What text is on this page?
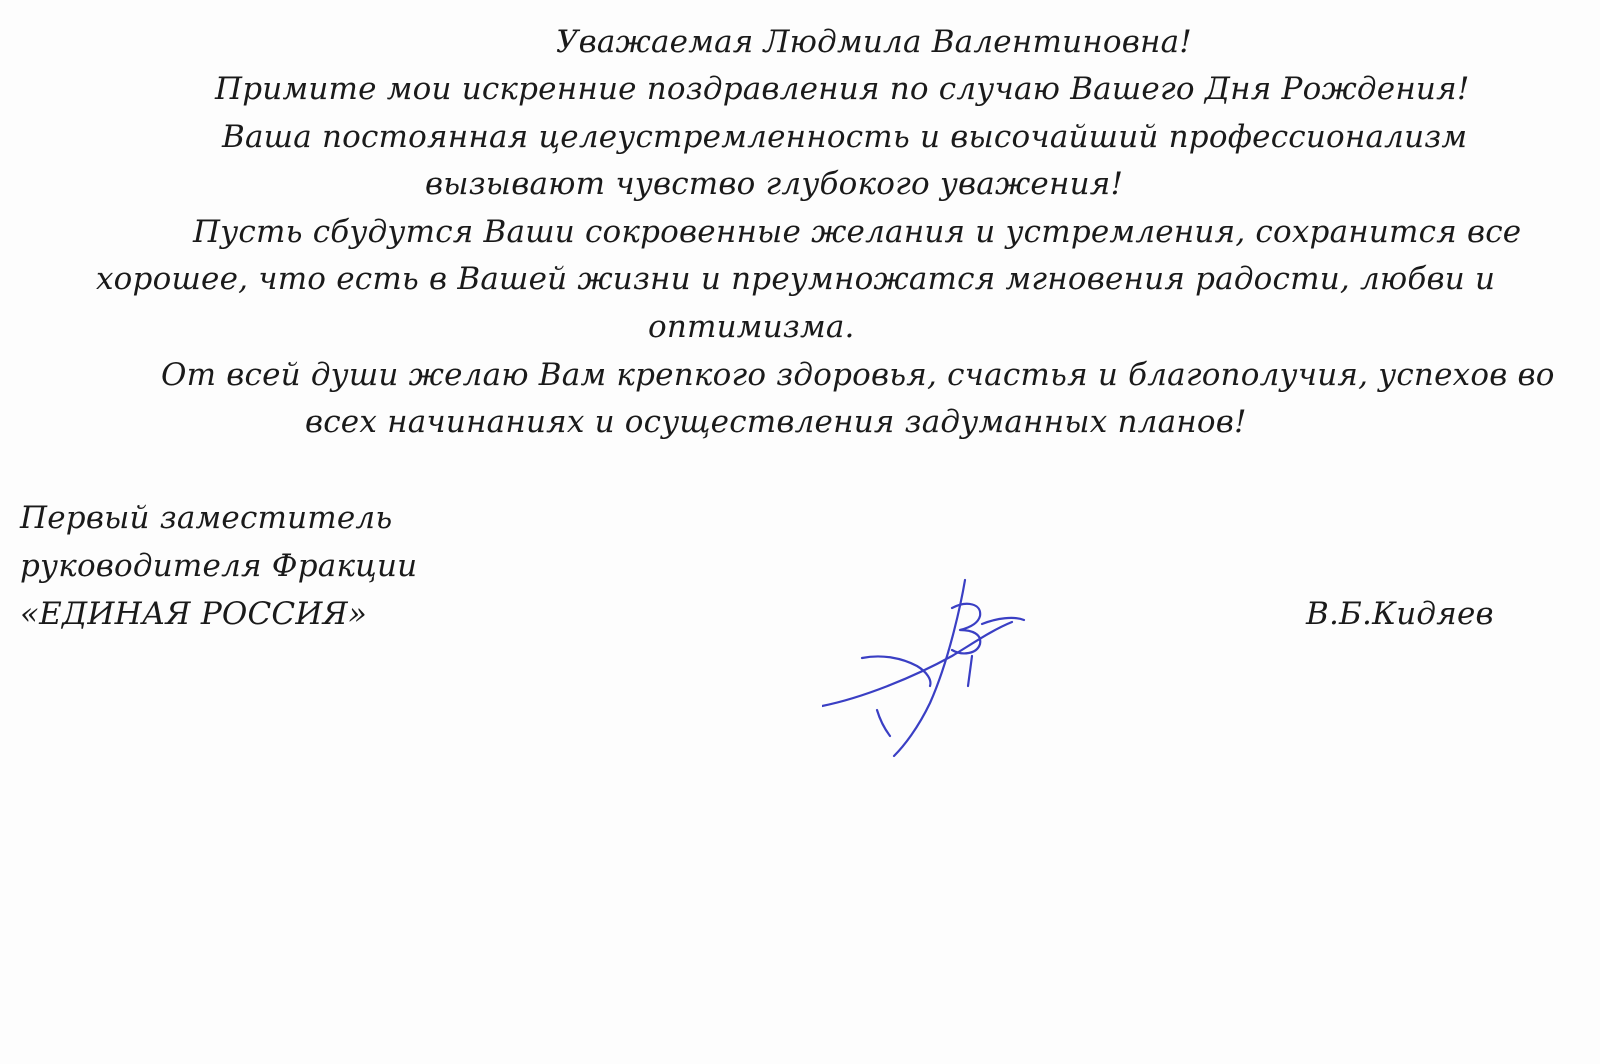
Уважаемая Людмила Валентиновна!
Примите мои искренние поздравления по случаю Вашего Дня Рождения!
Ваша постоянная целеустремленность и высочайший профессионализм
вызывают чувство глубокого уважения!
Пусть сбудутся Ваши сокровенные желания и устремления, сохранится все
хорошее, что есть в Вашей жизни и преумножатся мгновения радости, любви и
оптимизма.
От всей души желаю Вам крепкого здоровья, счастья и благополучия, успехов во
всех начинаниях и осуществления задуманных планов!
Первый заместитель
руководителя Фракции
«ЕДИНАЯ РОССИЯ»	В.Б.Кидяев
